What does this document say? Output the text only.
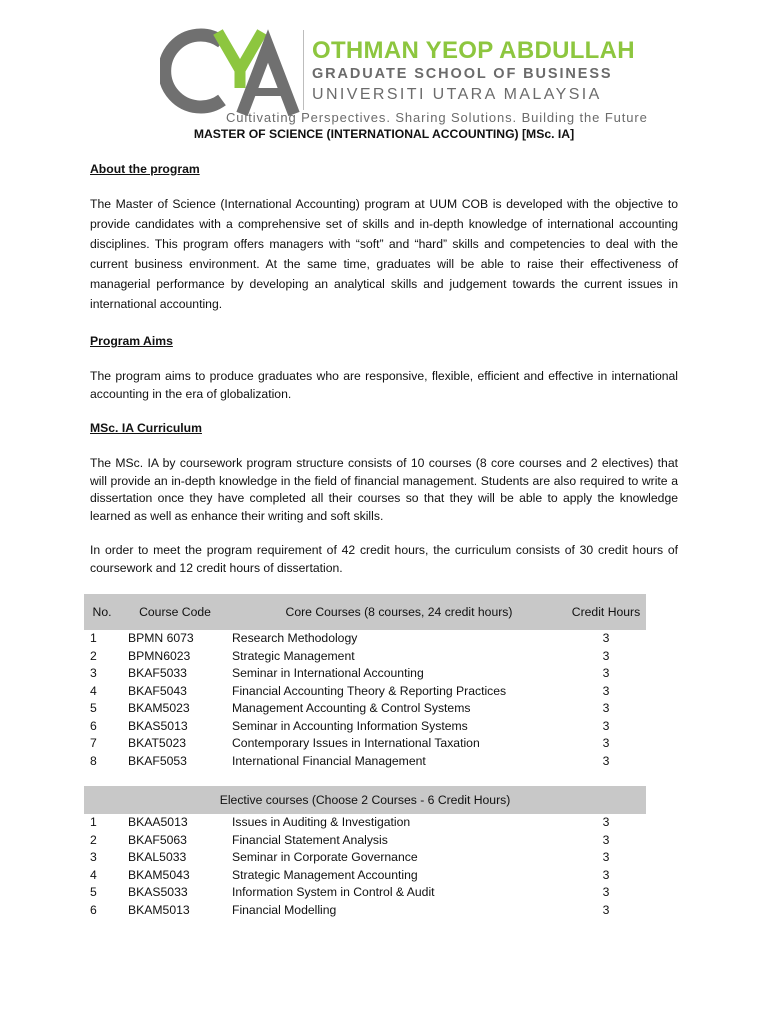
OTHMAN YEOP ABDULLAH
GRADUATE SCHOOL OF BUSINESS
UNIVERSITI UTARA MALAYSIA
Cultivating Perspectives. Sharing Solutions. Building the Future
MASTER OF SCIENCE (INTERNATIONAL ACCOUNTING) [MSc. IA]
About the program
The Master of Science (International Accounting) program at UUM COB is developed with the objective to provide candidates with a comprehensive set of skills and in-depth knowledge of international accounting disciplines. This program offers managers with “soft” and “hard” skills and competencies to deal with the current business environment. At the same time, graduates will be able to raise their effectiveness of managerial performance by developing an analytical skills and judgement towards the current issues in international accounting.
Program Aims
The program aims to produce graduates who are responsive, flexible, efficient and effective in international accounting in the era of globalization.
MSc. IA Curriculum
The MSc. IA by coursework program structure consists of 10 courses (8 core courses and 2 electives) that will provide an in-depth knowledge in the field of financial management. Students are also required to write a dissertation once they have completed all their courses so that they will be able to apply the knowledge learned as well as enhance their writing and soft skills.
In order to meet the program requirement of 42 credit hours, the curriculum consists of 30 credit hours of coursework and 12 credit hours of dissertation.
No.	Course Code	Core Courses (8 courses, 24 credit hours)	Credit Hours
1	BPMN 6073	Research Methodology	3
2	BPMN6023	Strategic Management	3
3	BKAF5033	Seminar in International Accounting	3
4	BKAF5043	Financial Accounting Theory & Reporting Practices	3
5	BKAM5023	Management Accounting & Control Systems	3
6	BKAS5013	Seminar in Accounting Information Systems	3
7	BKAT5023	Contemporary Issues in International Taxation	3
8	BKAF5053	International Financial Management	3
Elective courses (Choose 2 Courses - 6 Credit Hours)			
1	BKAA5013	Issues in Auditing & Investigation	3
2	BKAF5063	Financial Statement Analysis	3
3	BKAL5033	Seminar in Corporate Governance	3
4	BKAM5043	Strategic Management Accounting	3
5	BKAS5033	Information System in Control & Audit	3
6	BKAM5013	Financial Modelling	3
